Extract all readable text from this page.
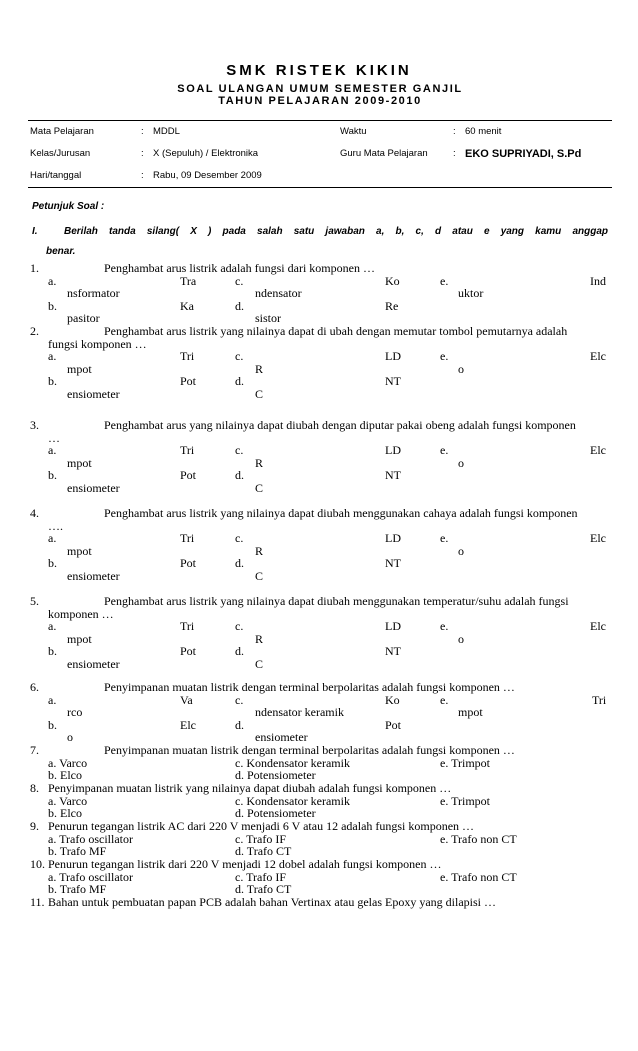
SMK RISTEK KIKIN
SOAL ULANGAN UMUM SEMESTER GANJIL
TAHUN PELAJARAN 2009-2010
Mata Pelajaran	: MDDL	Waktu	: 60 menit
Kelas/Jurusan	: X (Sepuluh) / Elektronika	Guru Mata Pelajaran	: EKO SUPRIYADI, S.Pd
Hari/tanggal	: Rabu, 09 Desember 2009
Petunjuk Soal :
I.	Berilah tanda silang( X ) pada salah satu jawaban a, b, c, d atau e yang kamu anggap
benar.
1.	Penghambat arus listrik adalah fungsi dari komponen …
a.	Tra	c.	Ko	e.	Ind
nsformator	ndensator	uktor
b.	Ka	d.	Re
pasitor	sistor
2.	Penghambat arus listrik yang nilainya dapat di ubah dengan memutar tombol pemutarnya adalah
fungsi komponen …
a.	Tri	c.	LD	e.	Elc
mpot	R	o
b.	Pot	d.	NT
ensiometer	C
3.	Penghambat arus yang nilainya dapat diubah dengan diputar pakai obeng adalah fungsi komponen
…
a.	Tri	c.	LD	e.	Elc
mpot	R	o
b.	Pot	d.	NT
ensiometer	C
4.	Penghambat arus listrik yang nilainya dapat diubah menggunakan cahaya adalah fungsi komponen
….
a.	Tri	c.	LD	e.	Elc
mpot	R	o
b.	Pot	d.	NT
ensiometer	C
5.	Penghambat arus listrik yang nilainya dapat diubah menggunakan temperatur/suhu adalah fungsi
komponen …
a.	Tri	c.	LD	e.	Elc
mpot	R	o
b.	Pot	d.	NT
ensiometer	C
6.	Penyimpanan muatan listrik dengan terminal berpolaritas adalah fungsi komponen …
a.	Va	c.	Ko	e.	Tri
rco	ndensator keramik	mpot
b.	Elc	d.	Pot
o	ensiometer
7.	Penyimpanan muatan listrik dengan terminal berpolaritas adalah fungsi komponen …
a. Varco	c. Kondensator keramik	e. Trimpot
b. Elco	d. Potensiometer
8. Penyimpanan muatan listrik yang nilainya dapat diubah adalah fungsi komponen …
a. Varco	c. Kondensator keramik	e. Trimpot
b. Elco	d. Potensiometer
9. Penurun tegangan listrik AC dari 220 V menjadi 6 V atau 12 adalah fungsi komponen …
a. Trafo oscillator	c. Trafo IF	e. Trafo non CT
b. Trafo MF	d. Trafo CT
10. Penurun tegangan listrik dari 220 V menjadi 12 dobel adalah fungsi komponen …
a. Trafo oscillator	c. Trafo IF	e. Trafo non CT
b. Trafo MF	d. Trafo CT
11. Bahan untuk pembuatan papan PCB adalah bahan Vertinax atau gelas Epoxy yang dilapisi …
